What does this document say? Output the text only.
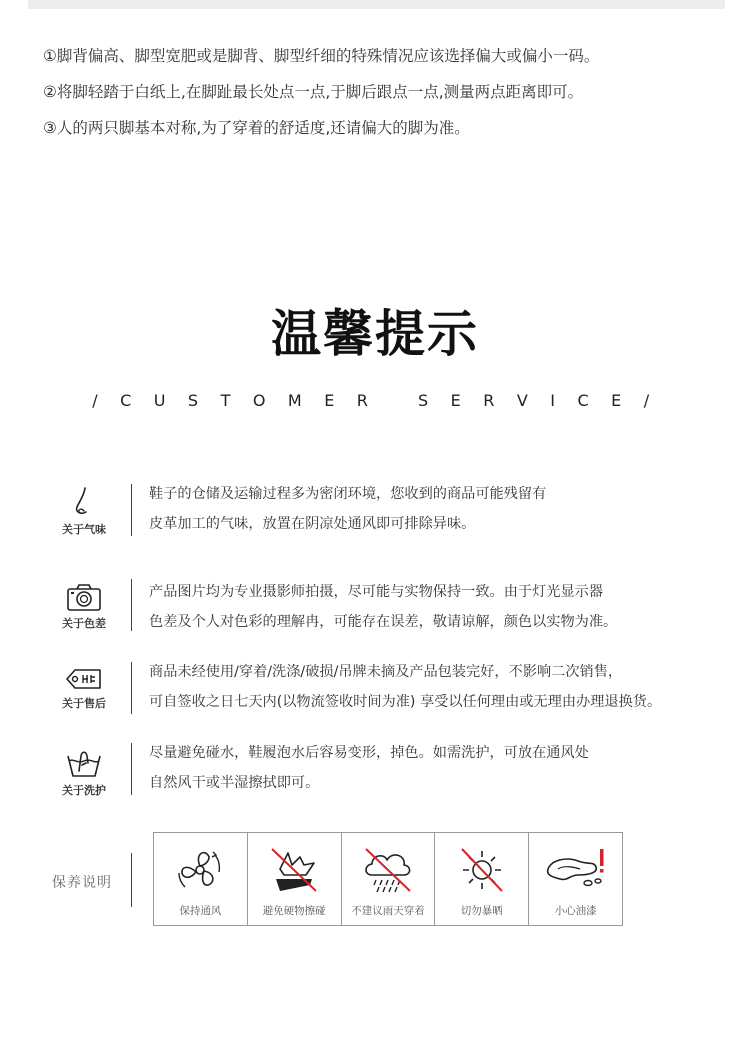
①脚背偏高、脚型宽肥或是脚背、脚型纤细的特殊情况应该选择偏大或偏小一码。
②将脚轻踏于白纸上,在脚趾最长处点一点,于脚后跟点一点,测量两点距离即可。
③人的两只脚基本对称,为了穿着的舒适度,还请偏大的脚为准。
温馨提示
/ C U S T O M E R   S E R V I C E /
关于气味
鞋子的仓储及运输过程多为密闭环境，您收到的商品可能残留有
皮革加工的气味，放置在阴凉处通风即可排除异味。
关于色差
产品图片均为专业摄影师拍摄，尽可能与实物保持一致。由于灯光显示器
色差及个人对色彩的理解冉，可能存在误差，敬请谅解，颜色以实物为准。
关于售后
商品未经使用/穿着/洗涤/破损/吊牌未摘及产品包装完好，不影响二次销售，
可自签收之日七天内(以物流签收时间为准) 享受以任何理由或无理由办理退换货。
关于洗护
尽量避免碰水，鞋履泡水后容易变形，掉色。如需洗护，可放在通风处
自然风干或半湿擦拭即可。
保养说明
保持通风	避免硬物擦碰	不建议雨天穿着	切勿暴晒	小心油漆
